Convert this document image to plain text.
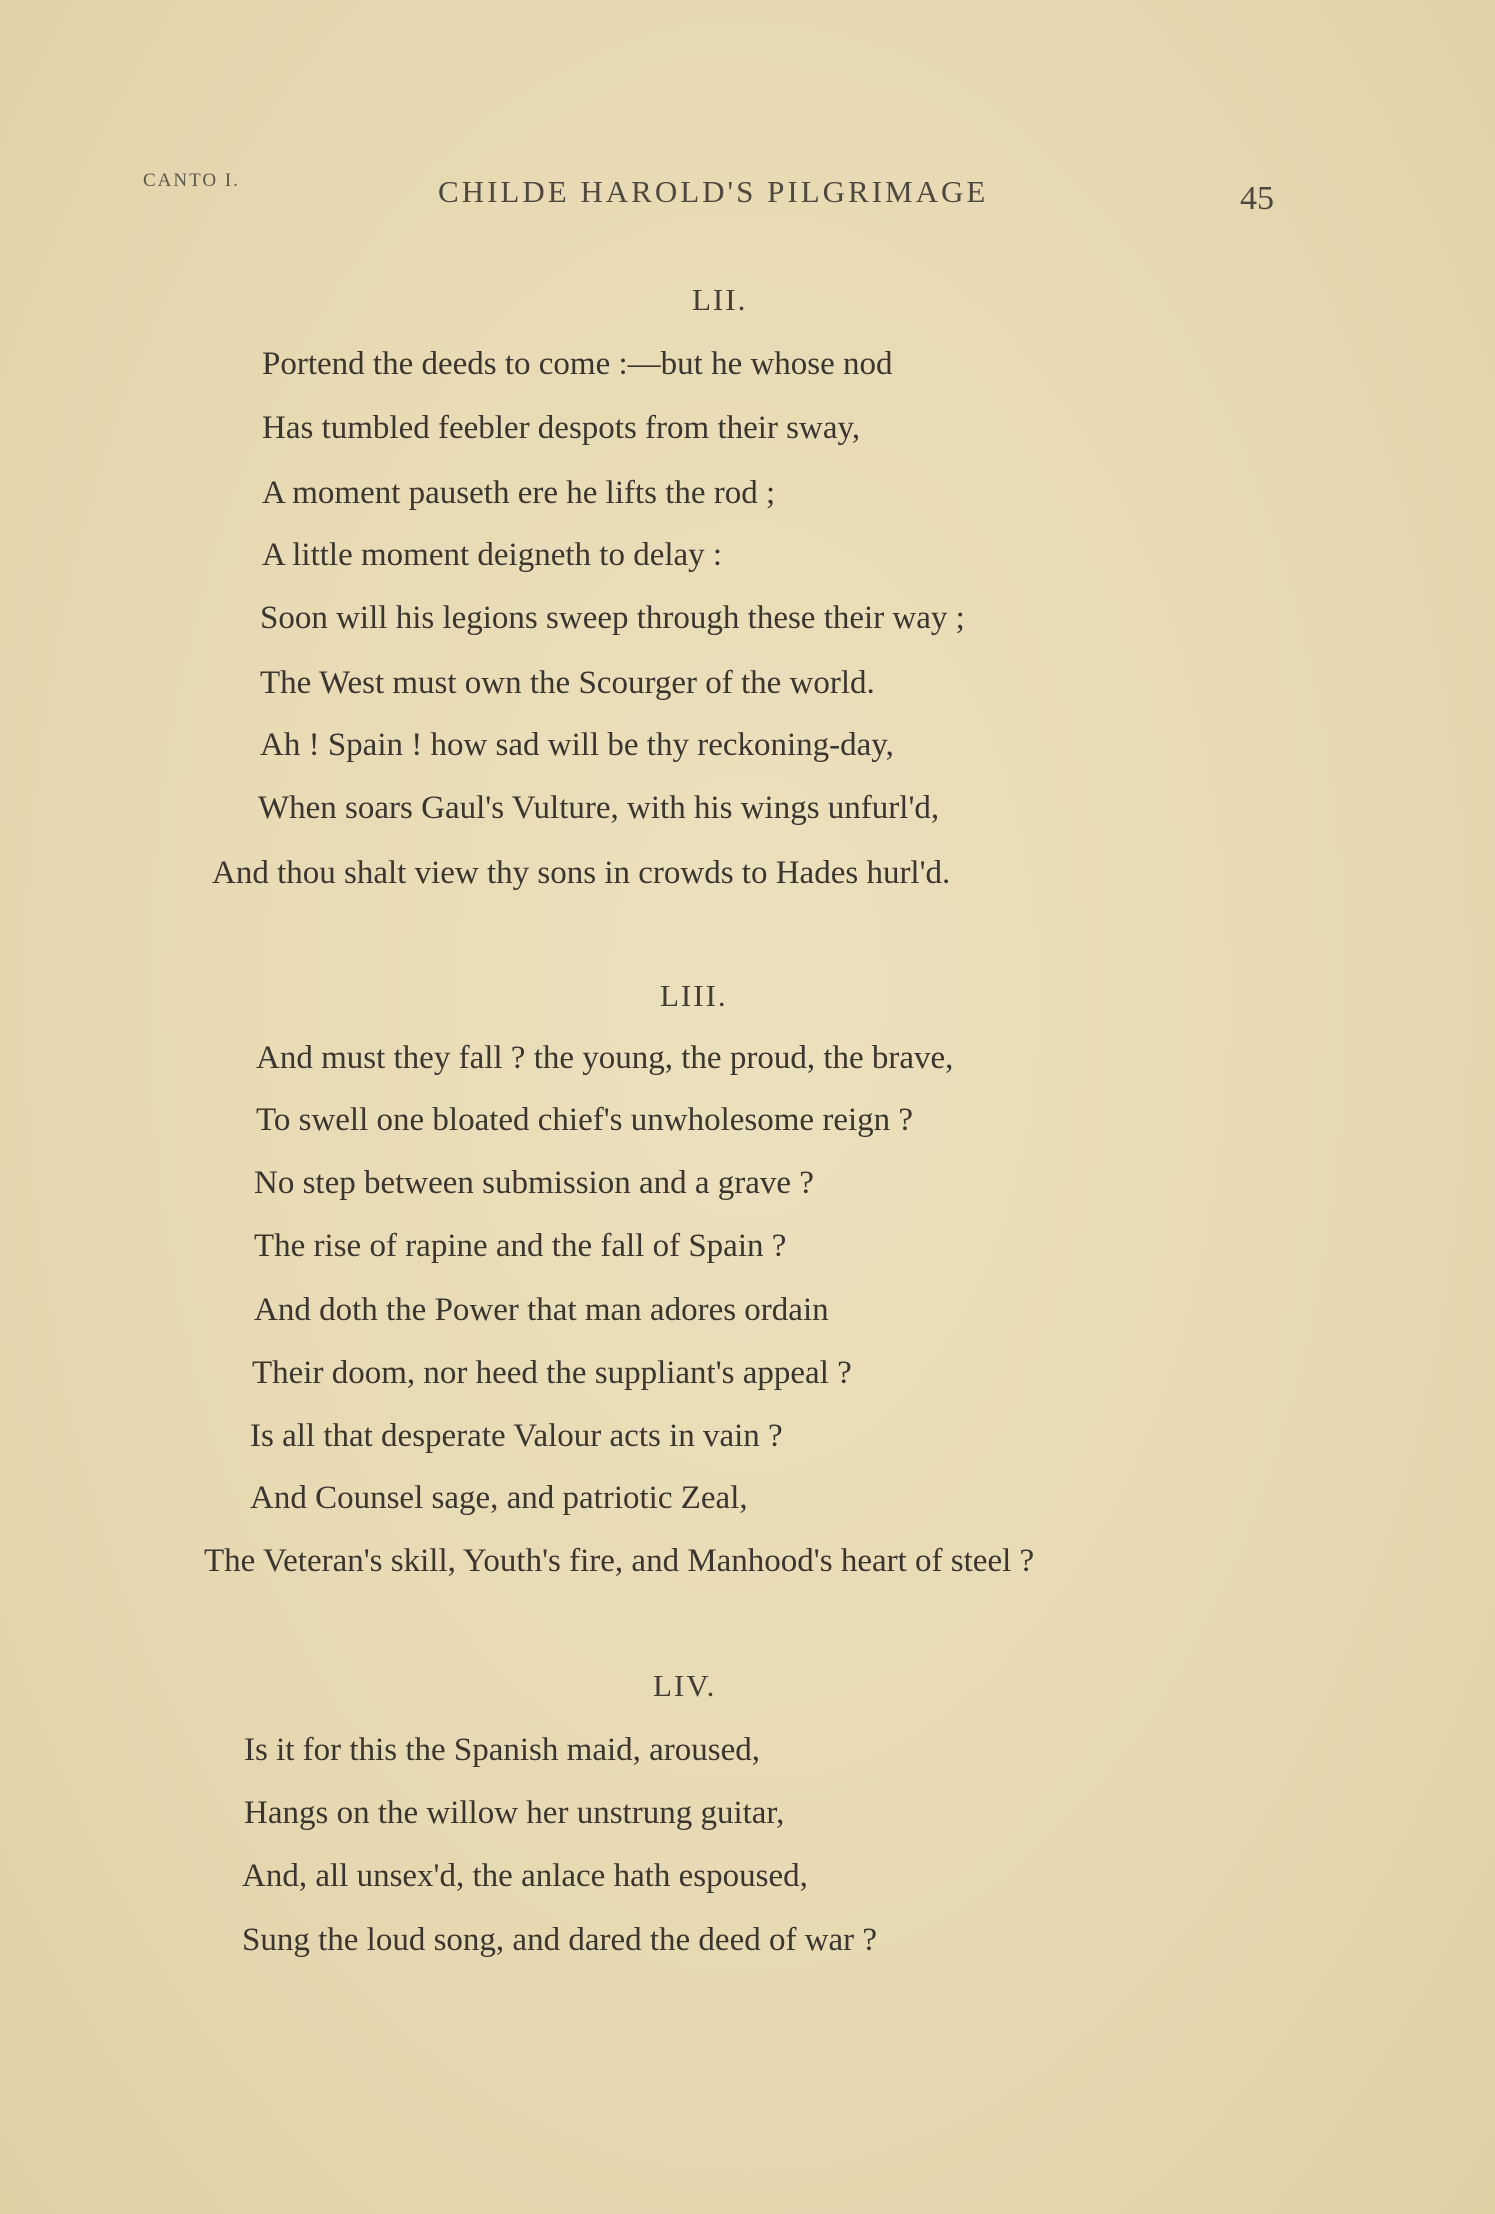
CANTO I.	CHILDE HAROLD'S PILGRIMAGE	45
LII.
Portend the deeds to come :—but he whose nod
Has tumbled feebler despots from their sway,
A moment pauseth ere he lifts the rod ;
A little moment deigneth to delay :
Soon will his legions sweep through these their way ;
The West must own the Scourger of the world.
Ah ! Spain ! how sad will be thy reckoning-day,
When soars Gaul's Vulture, with his wings unfurl'd,
And thou shalt view thy sons in crowds to Hades hurl'd.
LIII.
And must they fall ? the young, the proud, the brave,
To swell one bloated chief's unwholesome reign ?
No step between submission and a grave ?
The rise of rapine and the fall of Spain ?
And doth the Power that man adores ordain
Their doom, nor heed the suppliant's appeal ?
Is all that desperate Valour acts in vain ?
And Counsel sage, and patriotic Zeal,
The Veteran's skill, Youth's fire, and Manhood's heart of steel ?
LIV.
Is it for this the Spanish maid, aroused,
Hangs on the willow her unstrung guitar,
And, all unsex'd, the anlace hath espoused,
Sung the loud song, and dared the deed of war ?
